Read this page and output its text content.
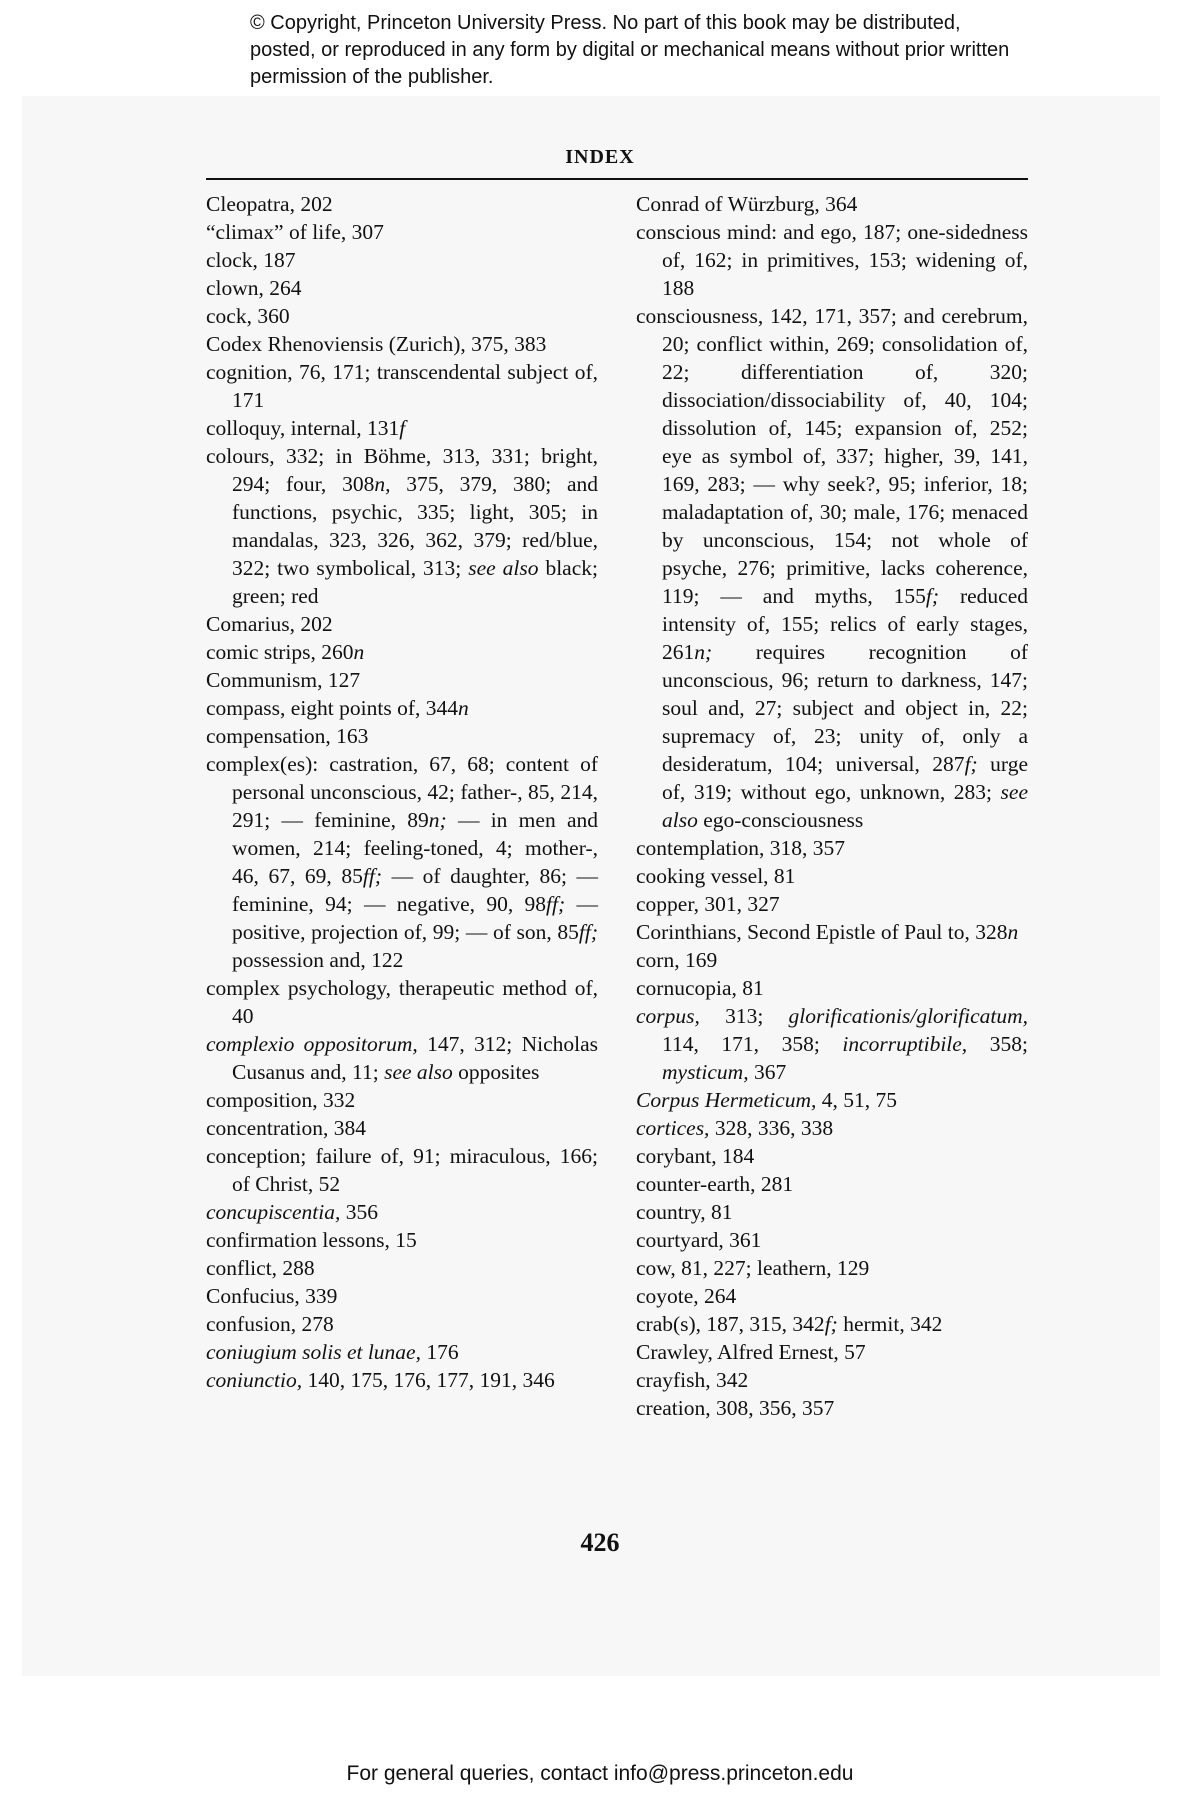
© Copyright, Princeton University Press. No part of this book may be distributed, posted, or reproduced in any form by digital or mechanical means without prior written permission of the publisher.
INDEX
Cleopatra, 202
“climax” of life, 307
clock, 187
clown, 264
cock, 360
Codex Rhenoviensis (Zurich), 375, 383
cognition, 76, 171; transcendental subject of, 171
colloquy, internal, 131f
colours, 332; in Böhme, 313, 331; bright, 294; four, 308n, 375, 379, 380; and functions, psychic, 335; light, 305; in mandalas, 323, 326, 362, 379; red/blue, 322; two symbolical, 313; see also black; green; red
Comarius, 202
comic strips, 260n
Communism, 127
compass, eight points of, 344n
compensation, 163
complex(es): castration, 67, 68; content of personal unconscious, 42; father-, 85, 214, 291; — feminine, 89n; — in men and women, 214; feeling-toned, 4; mother-, 46, 67, 69, 85ff; — of daughter, 86; — feminine, 94; — negative, 90, 98ff; — positive, projection of, 99; — of son, 85ff; possession and, 122
complex psychology, therapeutic method of, 40
complexio oppositorum, 147, 312; Nicholas Cusanus and, 11; see also opposites
composition, 332
concentration, 384
conception; failure of, 91; miraculous, 166; of Christ, 52
concupiscentia, 356
confirmation lessons, 15
conflict, 288
Confucius, 339
confusion, 278
coniugium solis et lunae, 176
coniunctio, 140, 175, 176, 177, 191, 346
Conrad of Würzburg, 364
conscious mind: and ego, 187; one-sidedness of, 162; in primitives, 153; widening of, 188
consciousness, 142, 171, 357; and cerebrum, 20; conflict within, 269; consolidation of, 22; differentiation of, 320; dissociation/dissociability of, 40, 104; dissolution of, 145; expansion of, 252; eye as symbol of, 337; higher, 39, 141, 169, 283; — why seek?, 95; inferior, 18; maladaptation of, 30; male, 176; menaced by unconscious, 154; not whole of psyche, 276; primitive, lacks coherence, 119; — and myths, 155f; reduced intensity of, 155; relics of early stages, 261n; requires recognition of unconscious, 96; return to darkness, 147; soul and, 27; subject and object in, 22; supremacy of, 23; unity of, only a desideratum, 104; universal, 287f; urge of, 319; without ego, unknown, 283; see also ego-consciousness
contemplation, 318, 357
cooking vessel, 81
copper, 301, 327
Corinthians, Second Epistle of Paul to, 328n
corn, 169
cornucopia, 81
corpus, 313; glorificationis/glorificatum, 114, 171, 358; incorruptibile, 358; mysticum, 367
Corpus Hermeticum, 4, 51, 75
cortices, 328, 336, 338
corybant, 184
counter-earth, 281
country, 81
courtyard, 361
cow, 81, 227; leathern, 129
coyote, 264
crab(s), 187, 315, 342f; hermit, 342
Crawley, Alfred Ernest, 57
crayfish, 342
creation, 308, 356, 357
426
For general queries, contact info@press.princeton.edu
